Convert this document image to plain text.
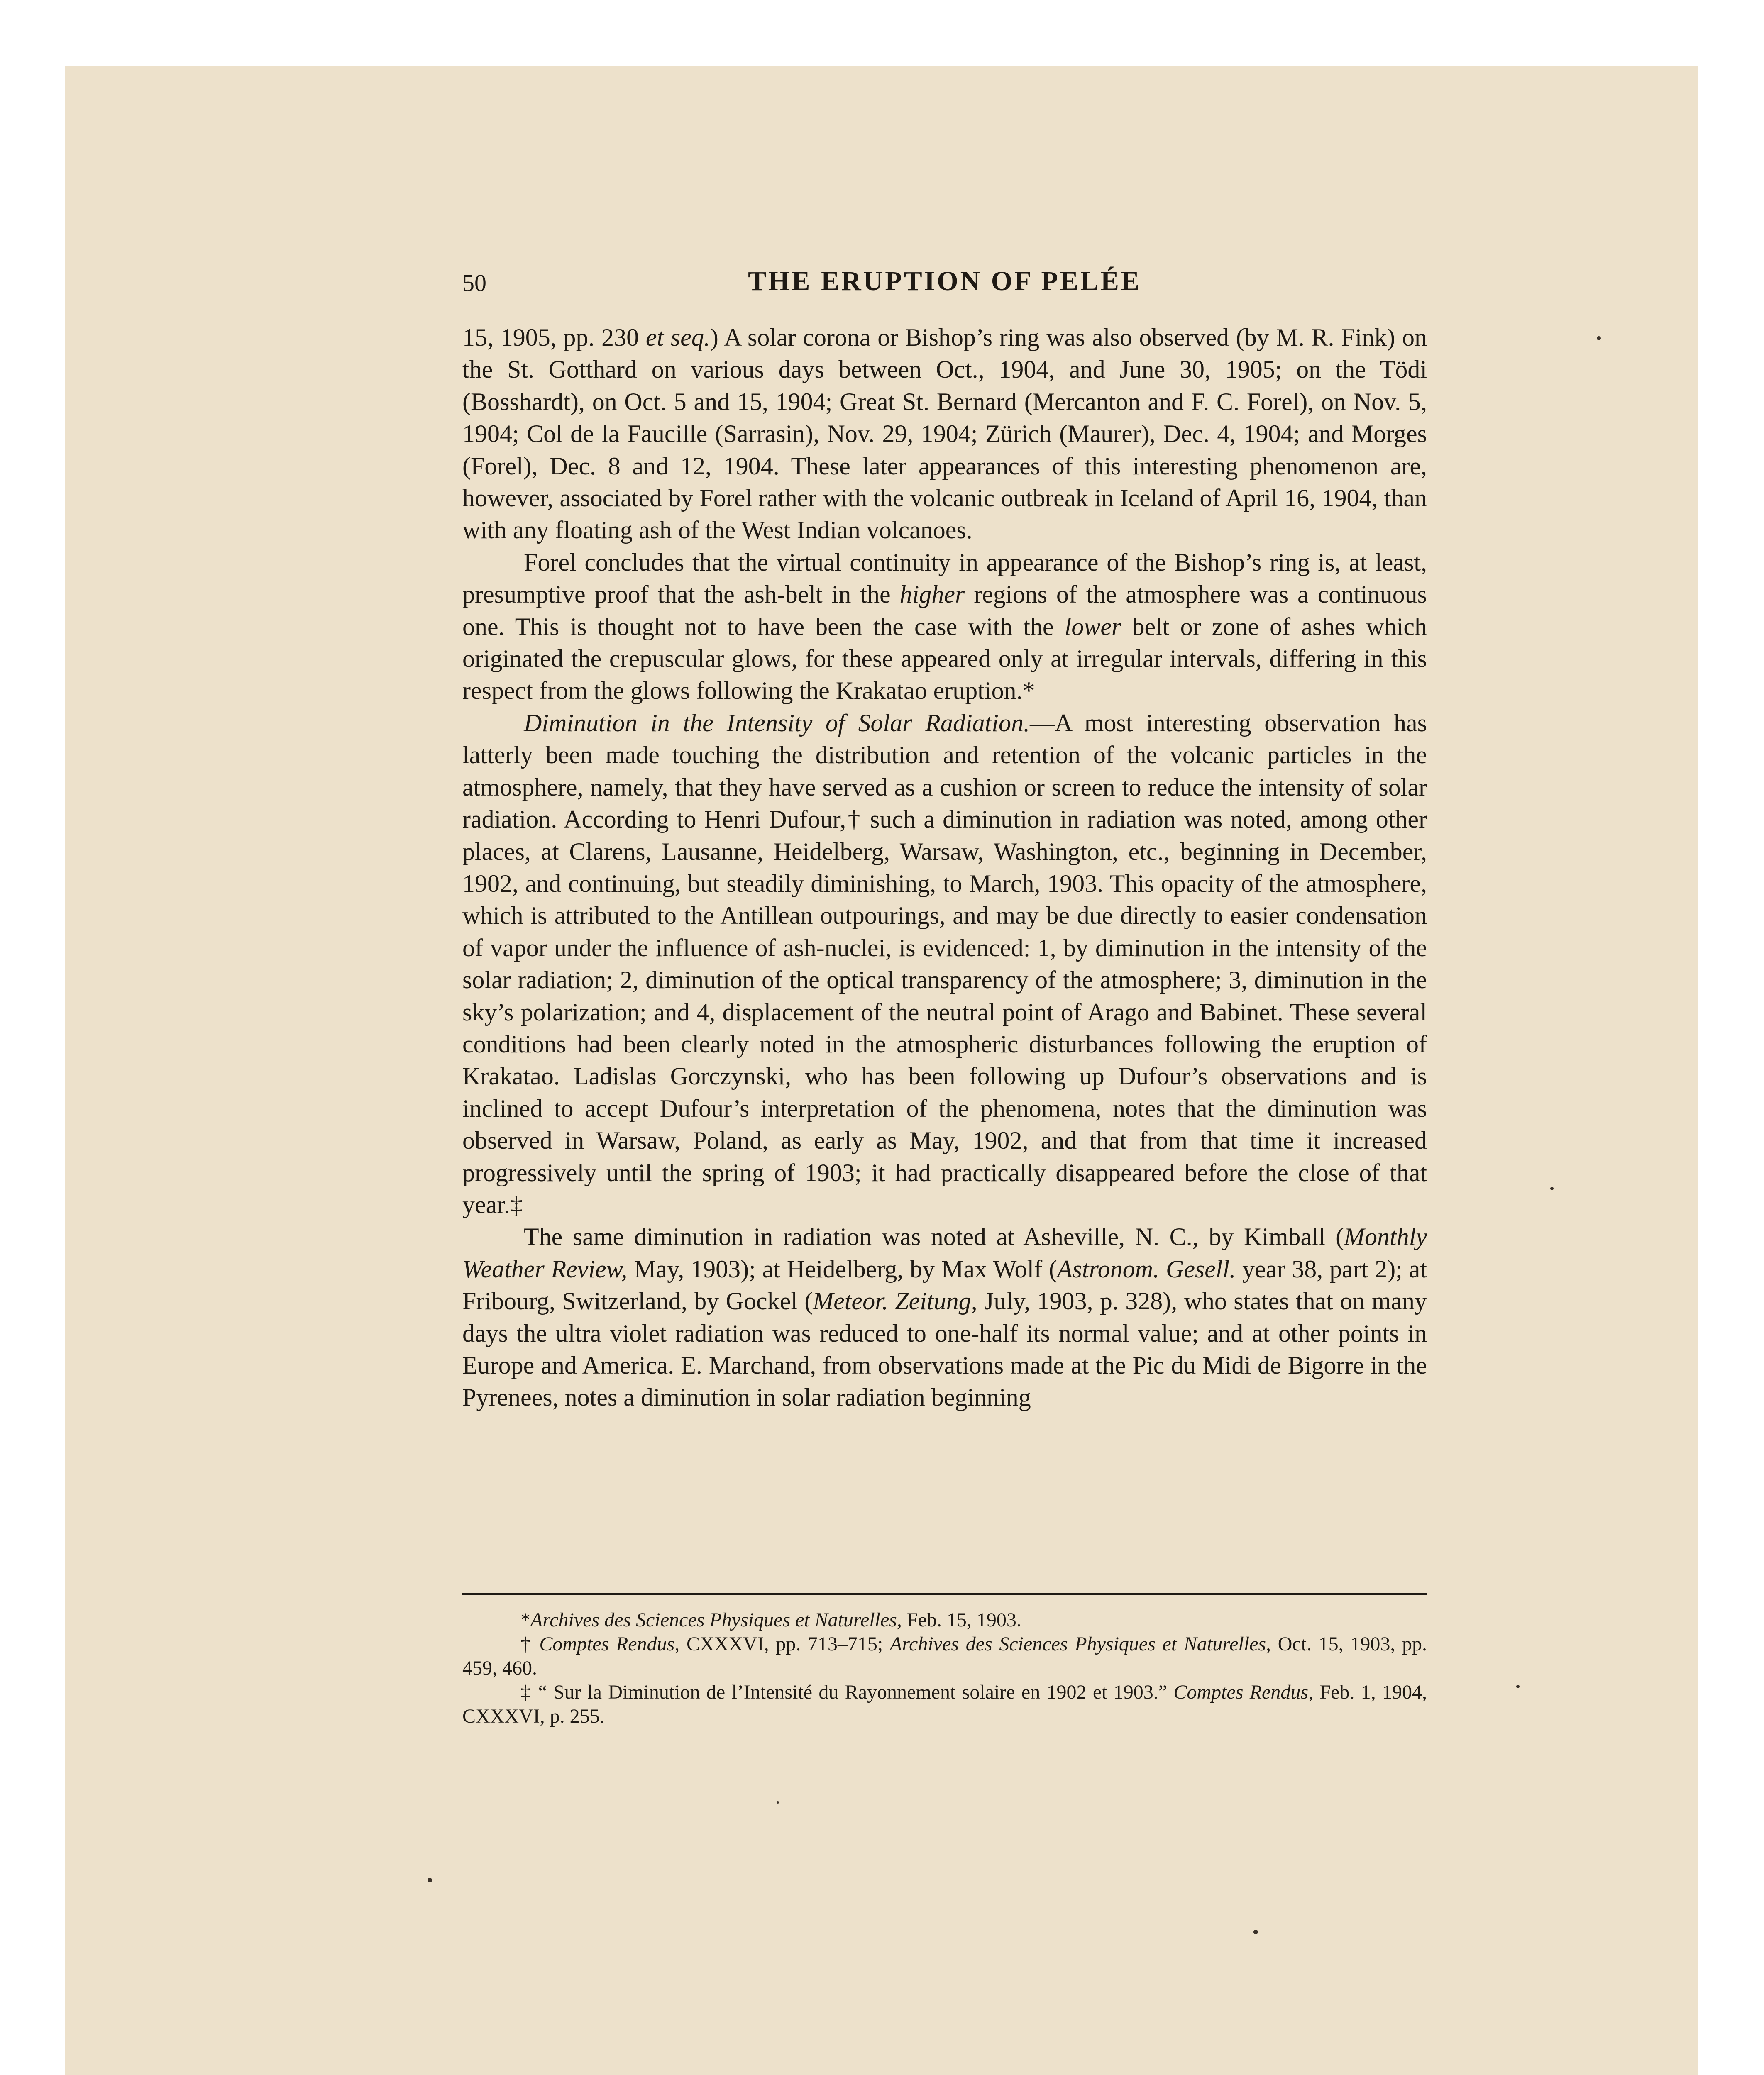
50	THE ERUPTION OF PELÉE

15, 1905, pp. 230 et seq.) A solar corona or Bishop’s ring was also observed (by M. R. Fink) on the St. Gotthard on various days between Oct., 1904, and June 30, 1905; on the Tödi (Bosshardt), on Oct. 5 and 15, 1904; Great St. Bernard (Mercanton and F. C. Forel), on Nov. 5, 1904; Col de la Faucille (Sarrasin), Nov. 29, 1904; Zürich (Maurer), Dec. 4, 1904; and Morges (Forel), Dec. 8 and 12, 1904. These later appearances of this interesting phenomenon are, however, associated by Forel rather with the volcanic outbreak in Iceland of April 16, 1904, than with any floating ash of the West Indian volcanoes.

Forel concludes that the virtual continuity in appearance of the Bishop’s ring is, at least, presumptive proof that the ash-belt in the higher regions of the atmosphere was a continuous one. This is thought not to have been the case with the lower belt or zone of ashes which originated the crepuscular glows, for these appeared only at irregular intervals, differing in this respect from the glows following the Krakatao eruption.*

Diminution in the Intensity of Solar Radiation.—A most interesting observation has latterly been made touching the distribution and retention of the volcanic particles in the atmosphere, namely, that they have served as a cushion or screen to reduce the intensity of solar radiation. According to Henri Dufour,† such a diminution in radiation was noted, among other places, at Clarens, Lausanne, Heidelberg, Warsaw, Washington, etc., beginning in December, 1902, and continuing, but steadily diminishing, to March, 1903. This opacity of the atmosphere, which is attributed to the Antillean outpourings, and may be due directly to easier condensation of vapor under the influence of ash-nuclei, is evidenced: 1, by diminution in the intensity of the solar radiation; 2, diminution of the optical transparency of the atmosphere; 3, diminution in the sky’s polarization; and 4, displacement of the neutral point of Arago and Babinet. These several conditions had been clearly noted in the atmospheric disturbances following the eruption of Krakatao. Ladislas Gorczynski, who has been following up Dufour’s observations and is inclined to accept Dufour’s interpretation of the phenomena, notes that the diminution was observed in Warsaw, Poland, as early as May, 1902, and that from that time it increased progressively until the spring of 1903; it had practically disappeared before the close of that year.‡

The same diminution in radiation was noted at Asheville, N. C., by Kimball (Monthly Weather Review, May, 1903); at Heidelberg, by Max Wolf (Astronom. Gesell. year 38, part 2); at Fribourg, Switzerland, by Gockel (Meteor. Zeitung, July, 1903, p. 328), who states that on many days the ultra violet radiation was reduced to one-half its normal value; and at other points in Europe and America. E. Marchand, from observations made at the Pic du Midi de Bigorre in the Pyrenees, notes a diminution in solar radiation beginning

*Archives des Sciences Physiques et Naturelles, Feb. 15, 1903.

† Comptes Rendus, CXXXVI, pp. 713–715; Archives des Sciences Physiques et Naturelles, Oct. 15, 1903, pp. 459, 460.

‡ “ Sur la Diminution de l’Intensité du Rayonnement solaire en 1902 et 1903.” Comptes Rendus, Feb. 1, 1904, CXXXVI, p. 255.
